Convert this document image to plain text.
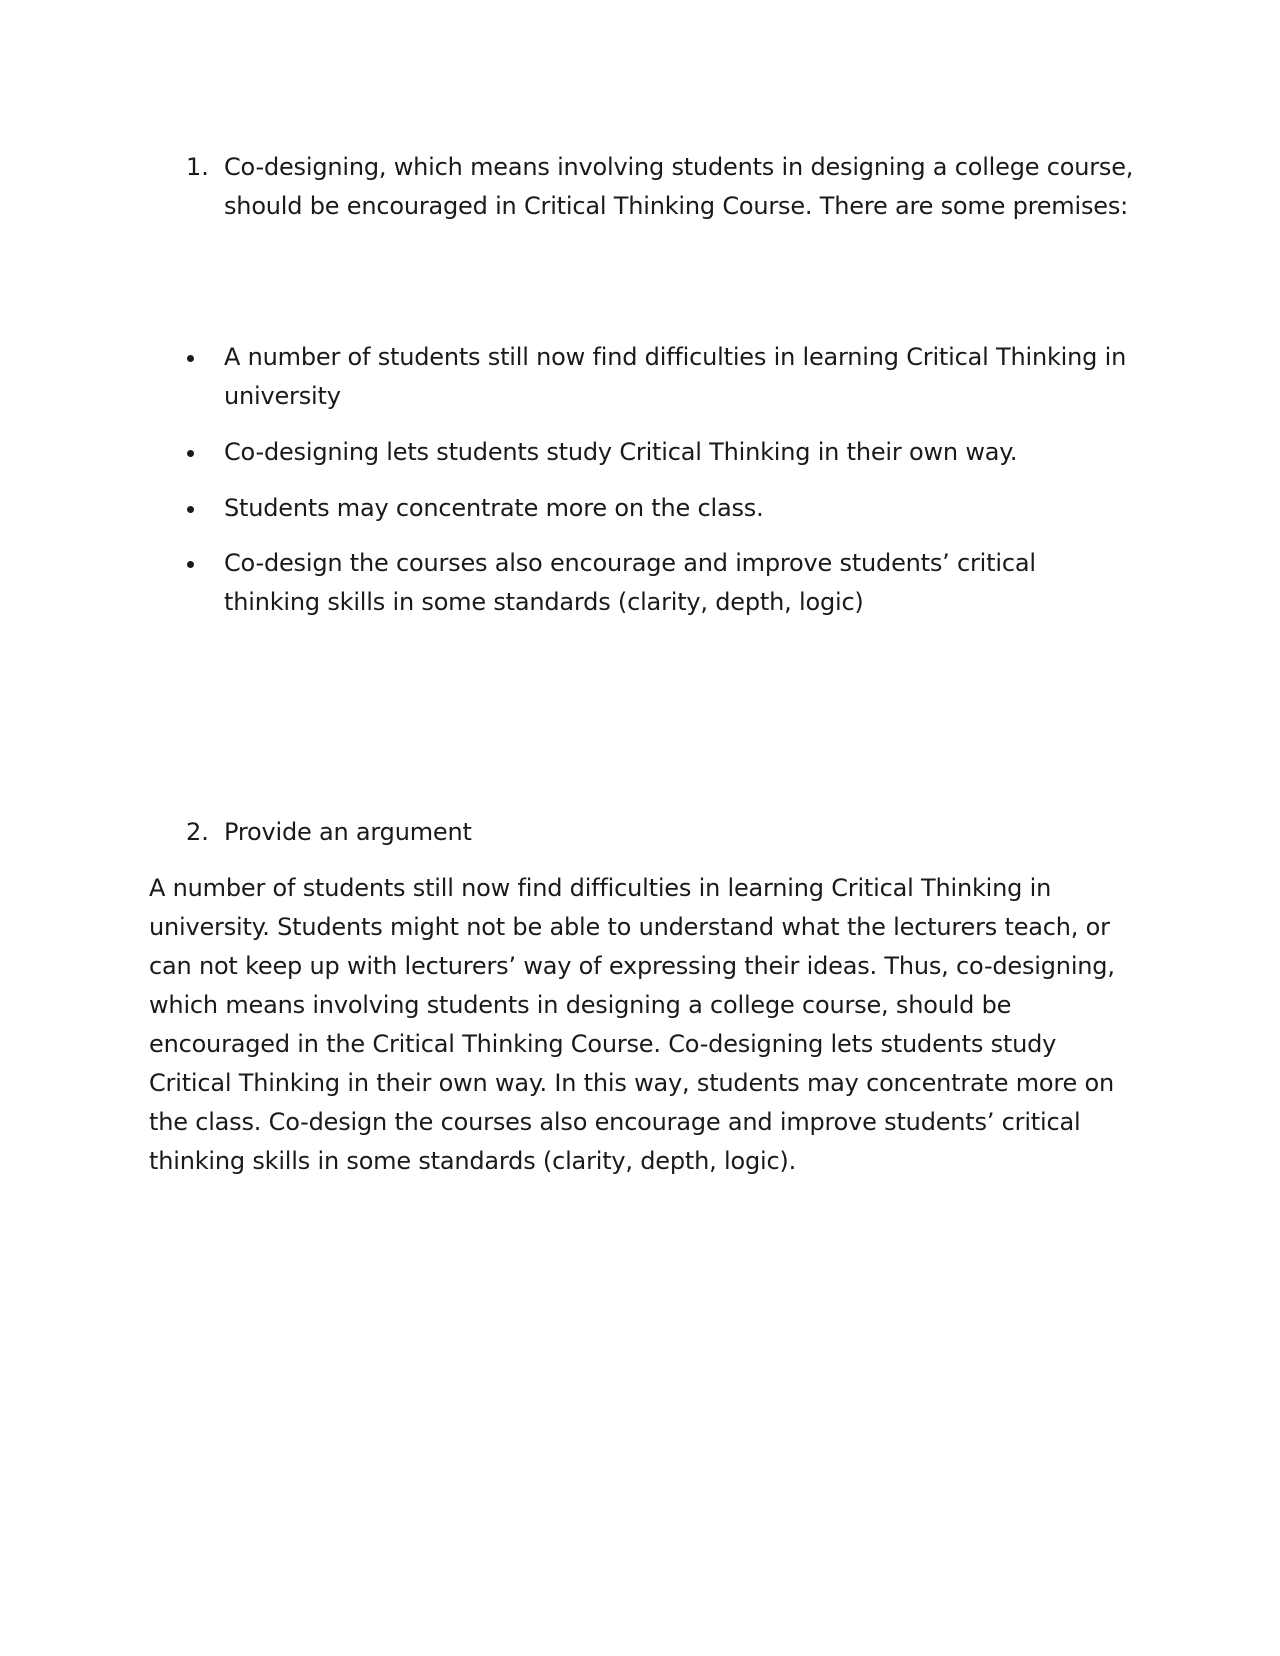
1. Co-designing, which means involving students in designing a college course,
should be encouraged in Critical Thinking Course. There are some premises:
A number of students still now find difficulties in learning Critical Thinking in
university
Co-designing lets students study Critical Thinking in their own way.
Students may concentrate more on the class.
Co-design the courses also encourage and improve students’ critical
thinking skills in some standards (clarity, depth, logic)
2. Provide an argument
A number of students still now find difficulties in learning Critical Thinking in
university. Students might not be able to understand what the lecturers teach, or
can not keep up with lecturers’ way of expressing their ideas. Thus, co-designing,
which means involving students in designing a college course, should be
encouraged in the Critical Thinking Course. Co-designing lets students study
Critical Thinking in their own way. In this way, students may concentrate more on
the class. Co-design the courses also encourage and improve students’ critical
thinking skills in some standards (clarity, depth, logic).
